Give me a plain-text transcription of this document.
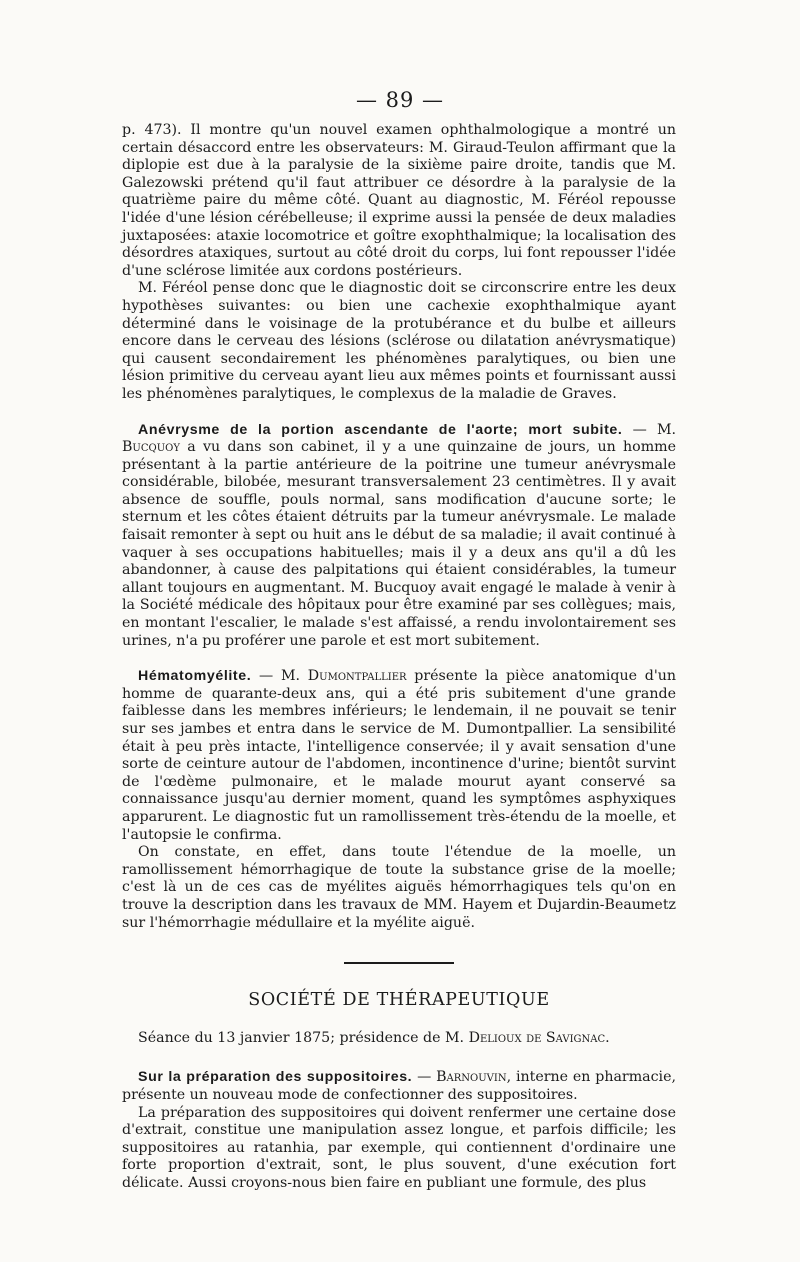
— 89 —

p. 473). Il montre qu'un nouvel examen ophthalmologique a montré un certain désaccord entre les observateurs: M. Giraud-Teulon affirmant que la diplopie est due à la paralysie de la sixième paire droite, tandis que M. Galezowski prétend qu'il faut attribuer ce désordre à la paralysie de la quatrième paire du même côté. Quant au diagnostic, M. Féréol repousse l'idée d'une lésion cérébelleuse; il exprime aussi la pensée de deux maladies juxtaposées: ataxie locomotrice et goître exophthalmique; la localisation des désordres ataxiques, surtout au côté droit du corps, lui font repousser l'idée d'une sclérose limitée aux cordons postérieurs.

M. Féréol pense donc que le diagnostic doit se circonscrire entre les deux hypothèses suivantes: ou bien une cachexie exophthalmique ayant déterminé dans le voisinage de la protubérance et du bulbe et ailleurs encore dans le cerveau des lésions (sclérose ou dilatation anévrysmatique) qui causent secondairement les phénomènes paralytiques, ou bien une lésion primitive du cerveau ayant lieu aux mêmes points et fournissant aussi les phénomènes paralytiques, le complexus de la maladie de Graves.

Anévrysme de la portion ascendante de l'aorte; mort subite. — M. Bucquoy a vu dans son cabinet, il y a une quinzaine de jours, un homme présentant à la partie antérieure de la poitrine une tumeur anévrysmale considérable, bilobée, mesurant transversalement 23 centimètres. Il y avait absence de souffle, pouls normal, sans modification d'aucune sorte; le sternum et les côtes étaient détruits par la tumeur anévrysmale. Le malade faisait remonter à sept ou huit ans le début de sa maladie; il avait continué à vaquer à ses occupations habituelles; mais il y a deux ans qu'il a dû les abandonner, à cause des palpitations qui étaient considérables, la tumeur allant toujours en augmentant. M. Bucquoy avait engagé le malade à venir à la Société médicale des hôpitaux pour être examiné par ses collègues; mais, en montant l'escalier, le malade s'est affaissé, a rendu involontairement ses urines, n'a pu proférer une parole et est mort subitement.

Hématomyélite. — M. Dumontpallier présente la pièce anatomique d'un homme de quarante-deux ans, qui a été pris subitement d'une grande faiblesse dans les membres inférieurs; le lendemain, il ne pouvait se tenir sur ses jambes et entra dans le service de M. Dumontpallier. La sensibilité était à peu près intacte, l'intelligence conservée; il y avait sensation d'une sorte de ceinture autour de l'abdomen, incontinence d'urine; bientôt survint de l'œdème pulmonaire, et le malade mourut ayant conservé sa connaissance jusqu'au dernier moment, quand les symptômes asphyxiques apparurent. Le diagnostic fut un ramollissement très-étendu de la moelle, et l'autopsie le confirma.

On constate, en effet, dans toute l'étendue de la moelle, un ramollissement hémorrhagique de toute la substance grise de la moelle; c'est là un de ces cas de myélites aiguës hémorrhagiques tels qu'on en trouve la description dans les travaux de MM. Hayem et Dujardin-Beaumetz sur l'hémorrhagie médullaire et la myélite aiguë.

SOCIÉTÉ DE THÉRAPEUTIQUE

Séance du 13 janvier 1875; présidence de M. Delioux de Savignac.

Sur la préparation des suppositoires. — Barnouvin, interne en pharmacie, présente un nouveau mode de confectionner des suppositoires.

La préparation des suppositoires qui doivent renfermer une certaine dose d'extrait, constitue une manipulation assez longue, et parfois difficile; les suppositoires au ratanhia, par exemple, qui contiennent d'ordinaire une forte proportion d'extrait, sont, le plus souvent, d'une exécution fort délicate. Aussi croyons-nous bien faire en publiant une formule, des plus
